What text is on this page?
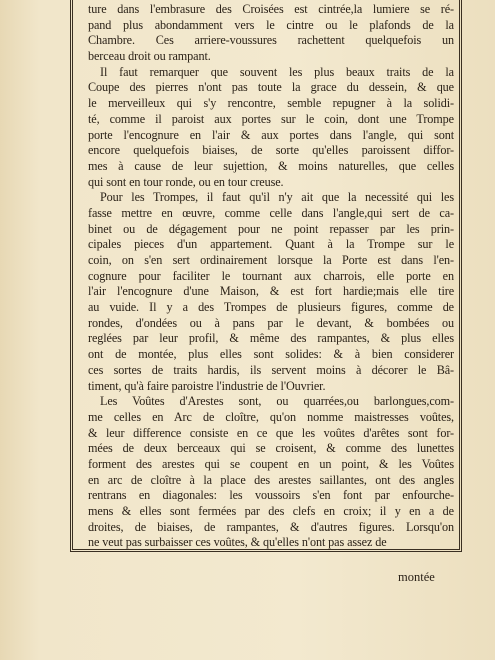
ture dans l'embrasure des Croisées est cintrée,la lumiere se ré-
pand plus abondamment vers le cintre ou le plafonds de la
Chambre. Ces arriere-voussures rachettent quelquefois un
berceau droit ou rampant.
Il faut remarquer que souvent les plus beaux traits de la
Coupe des pierres n'ont pas toute la grace du dessein, & que
le merveilleux qui s'y rencontre, semble repugner à la solidi-
té, comme il paroist aux portes sur le coin, dont une Trompe
porte l'encognure en l'air & aux portes dans l'angle, qui sont
encore quelquefois biaises, de sorte qu'elles paroissent diffor-
mes à cause de leur sujettion, & moins naturelles, que celles
qui sont en tour ronde, ou en tour creuse.
Pour les Trompes, il faut qu'il n'y ait que la necessité qui les
fasse mettre en œuvre, comme celle dans l'angle,qui sert de ca-
binet ou de dégagement pour ne point repasser par les prin-
cipales pieces d'un appartement. Quant à la Trompe sur le
coin, on s'en sert ordinairement lorsque la Porte est dans l'en-
cognure pour faciliter le tournant aux charrois, elle porte en
l'air l'encognure d'une Maison, & est fort hardie;mais elle tire
au vuide. Il y a des Trompes de plusieurs figures, comme de
rondes, d'ondées ou à pans par le devant, & bombées ou
reglées par leur profil, & même des rampantes, & plus elles
ont de montée, plus elles sont solides: & à bien considerer
ces sortes de traits hardis, ils servent moins à décorer le Bâ-
timent, qu'à faire paroistre l'industrie de l'Ouvrier.
Les Voûtes d'Arestes sont, ou quarrées,ou barlongues,com-
me celles en Arc de cloître, qu'on nomme maistresses voûtes,
& leur difference consiste en ce que les voûtes d'arêtes sont for-
mées de deux berceaux qui se croisent, & comme des lunettes
forment des arestes qui se coupent en un point, & les Voûtes
en arc de cloître à la place des arestes saillantes, ont des angles
rentrans en diagonales: les voussoirs s'en font par enfourche-
mens & elles sont fermées par des clefs en croix; il y en a de
droites, de biaises, de rampantes, & d'autres figures. Lorsqu'on
ne veut pas surbaisser ces voûtes, & qu'elles n'ont pas assez de
montée
